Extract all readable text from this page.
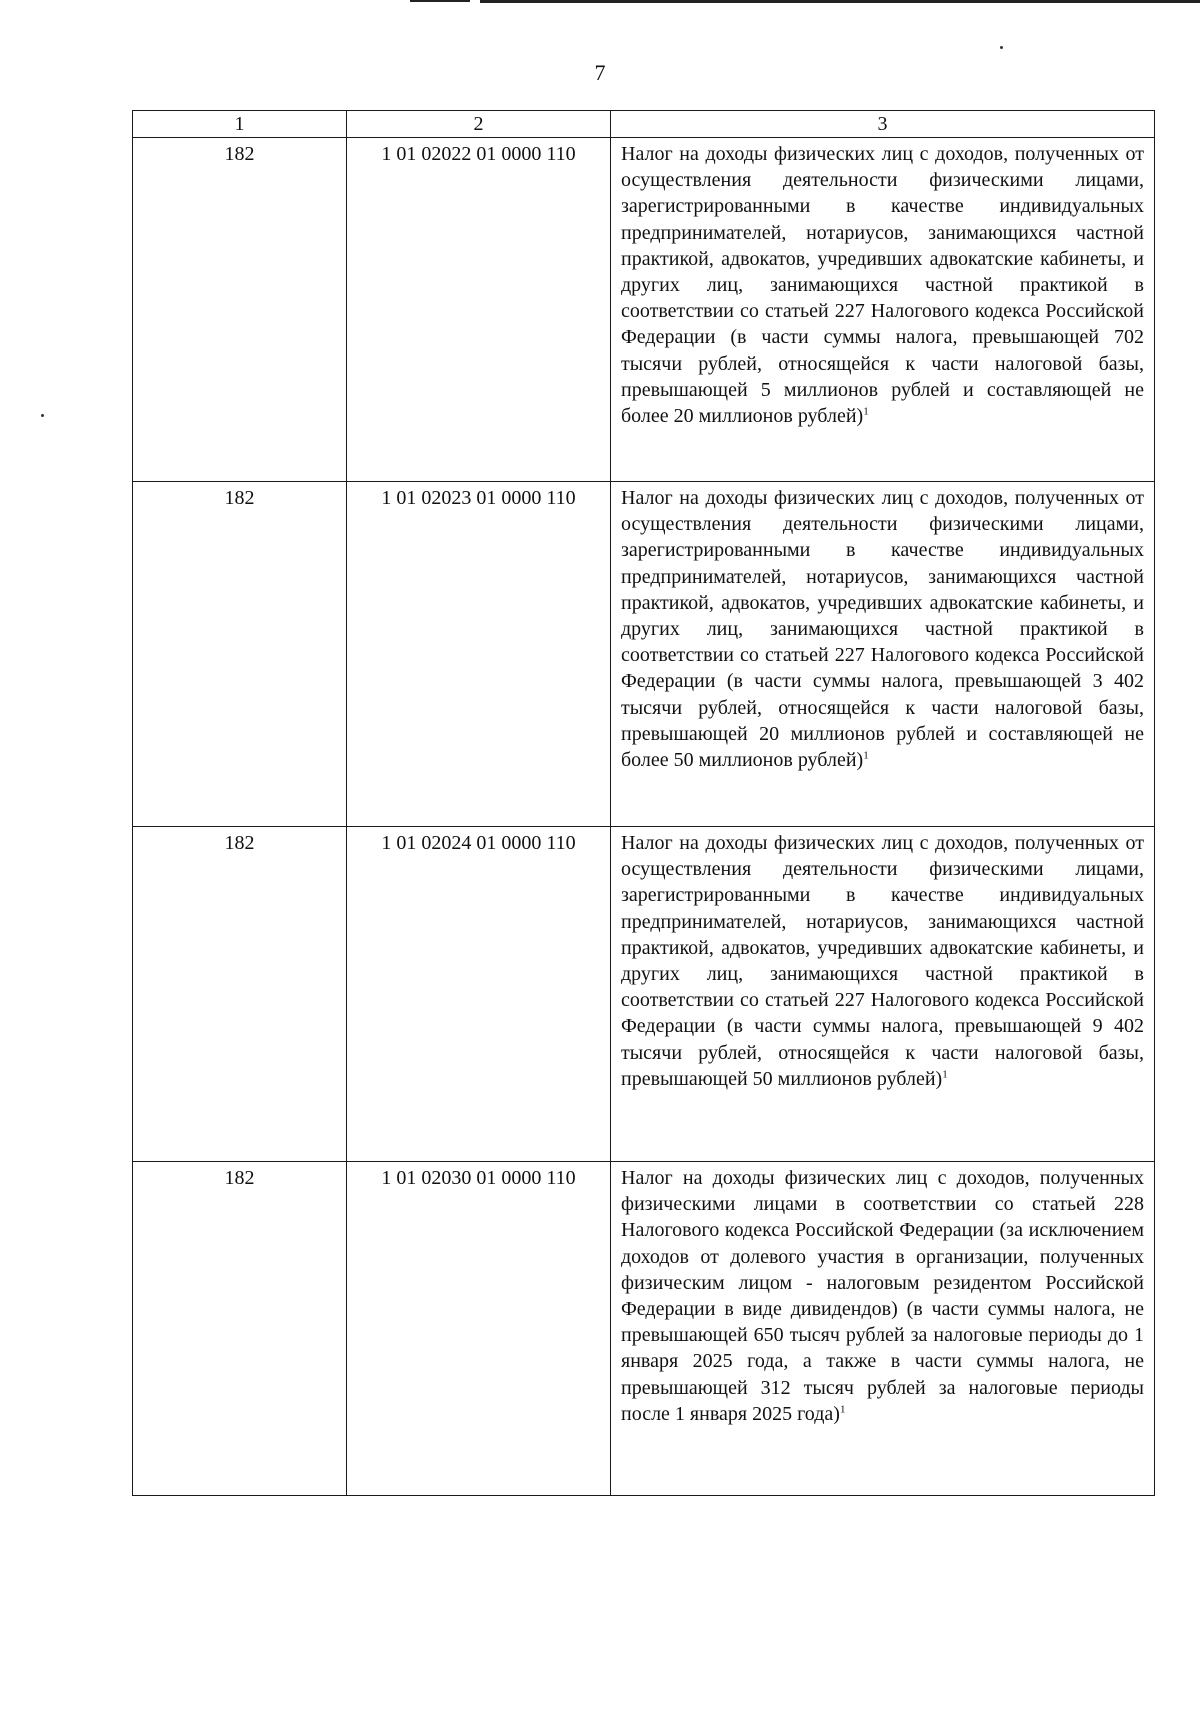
7
1	2	3
182	1 01 02022 01 0000 110	Налог на доходы физических лиц с доходов, полученных от осуществления деятельности физическими лицами, зарегистрированными в качестве индивидуальных предпринимателей, нотариусов, занимающихся частной практикой, адвокатов, учредивших адвокатские кабинеты, и других лиц, занимающихся частной практикой в соответствии со статьей 227 Налогового кодекса Российской Федерации (в части суммы налога, превышающей 702 тысячи рублей, относящейся к части налоговой базы, превышающей 5 миллионов рублей и составляющей не более 20 миллионов рублей)$^1$
182	1 01 02023 01 0000 110	Налог на доходы физических лиц с доходов, полученных от осуществления деятельности физическими лицами, зарегистрированными в качестве индивидуальных предпринимателей, нотариусов, занимающихся частной практикой, адвокатов, учредивших адвокатские кабинеты, и других лиц, занимающихся частной практикой в соответствии со статьей 227 Налогового кодекса Российской Федерации (в части суммы налога, превышающей 3 402 тысячи рублей, относящейся к части налоговой базы, превышающей 20 миллионов рублей и составляющей не более 50 миллионов рублей)$^1$
182	1 01 02024 01 0000 110	Налог на доходы физических лиц с доходов, полученных от осуществления деятельности физическими лицами, зарегистрированными в качестве индивидуальных предпринимателей, нотариусов, занимающихся частной практикой, адвокатов, учредивших адвокатские кабинеты, и других лиц, занимающихся частной практикой в соответствии со статьей 227 Налогового кодекса Российской Федерации (в части суммы налога, превышающей 9 402 тысячи рублей, относящейся к части налоговой базы, превышающей 50 миллионов рублей)$^1$
182	1 01 02030 01 0000 110	Налог на доходы физических лиц с доходов, полученных физическими лицами в соответствии со статьей 228 Налогового кодекса Российской Федерации (за исключением доходов от долевого участия в организации, полученных физическим лицом - налоговым резидентом Российской Федерации в виде дивидендов) (в части суммы налога, не превышающей 650 тысяч рублей за налоговые периоды до 1 января 2025 года, а также в части суммы налога, не превышающей 312 тысяч рублей за налоговые периоды после 1 января 2025 года)$^1$
